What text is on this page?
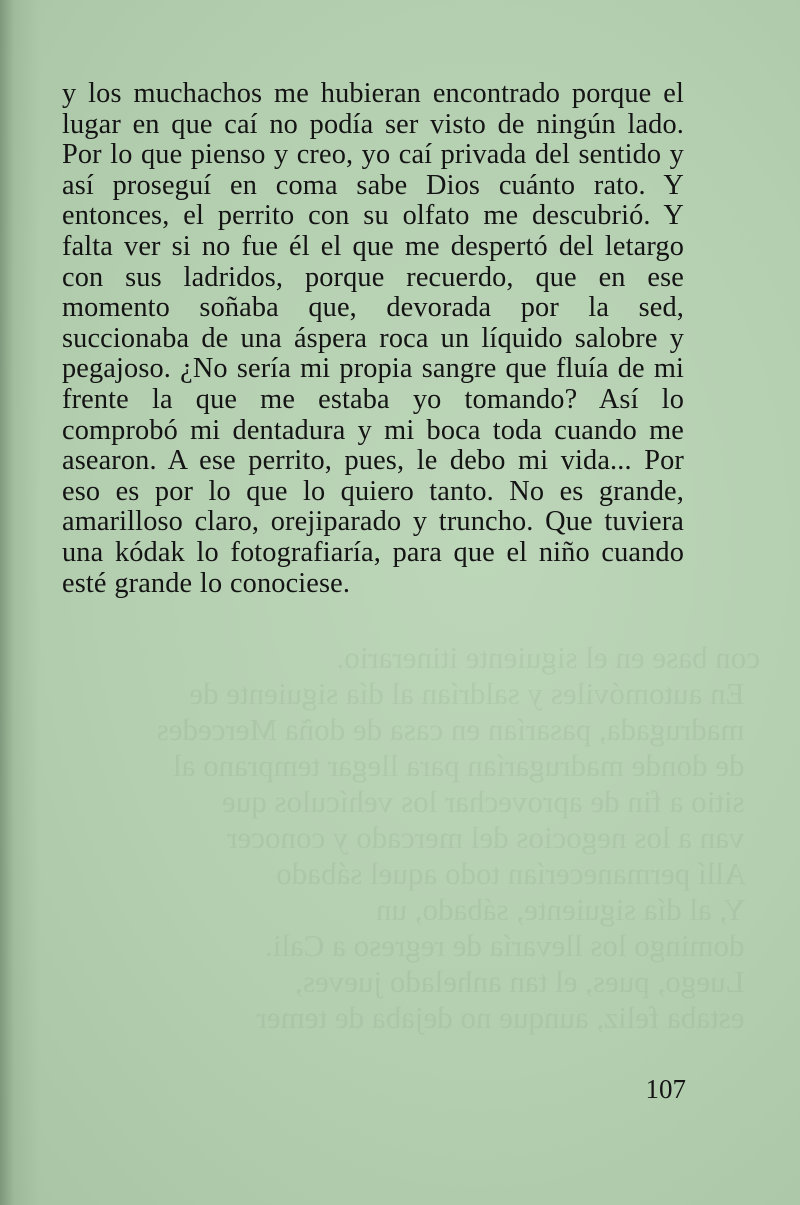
con base en el siguiente itinerario.
En automóviles y saldrían al día siguiente de
madrugada, pasarían en casa de doña Mercedes
de donde madrugarían para llegar temprano al
sitio a fin de aprovechar los vehículos que
van a los negocios del mercado y conocer
Allí permanecerían todo aquel sábado
Y, al día siguiente, sábado, un
domingo los llevaría de regreso a Cali.
Luego, pues, el tan anhelado jueves,
estaba feliz, aunque no dejaba de temer

y los muchachos me hubieran encontrado porque el lugar en que caí no podía ser visto de ningún lado. Por lo que pienso y creo, yo caí privada del sentido y así proseguí en coma sabe Dios cuánto rato. Y entonces, el perrito con su olfato me descubrió. Y falta ver si no fue él el que me despertó del letargo con sus ladridos, porque recuerdo, que en ese momento soñaba que, devorada por la sed, succionaba de una áspera roca un líquido salobre y pegajoso. ¿No sería mi propia sangre que fluía de mi frente la que me estaba yo tomando? Así lo comprobó mi dentadura y mi boca toda cuando me asearon. A ese perrito, pues, le debo mi vida... Por eso es por lo que lo quiero tanto. No es grande, amarilloso claro, orejiparado y truncho. Que tuviera una kódak lo fotografiaría, para que el niño cuando esté grande lo conociese.

107
